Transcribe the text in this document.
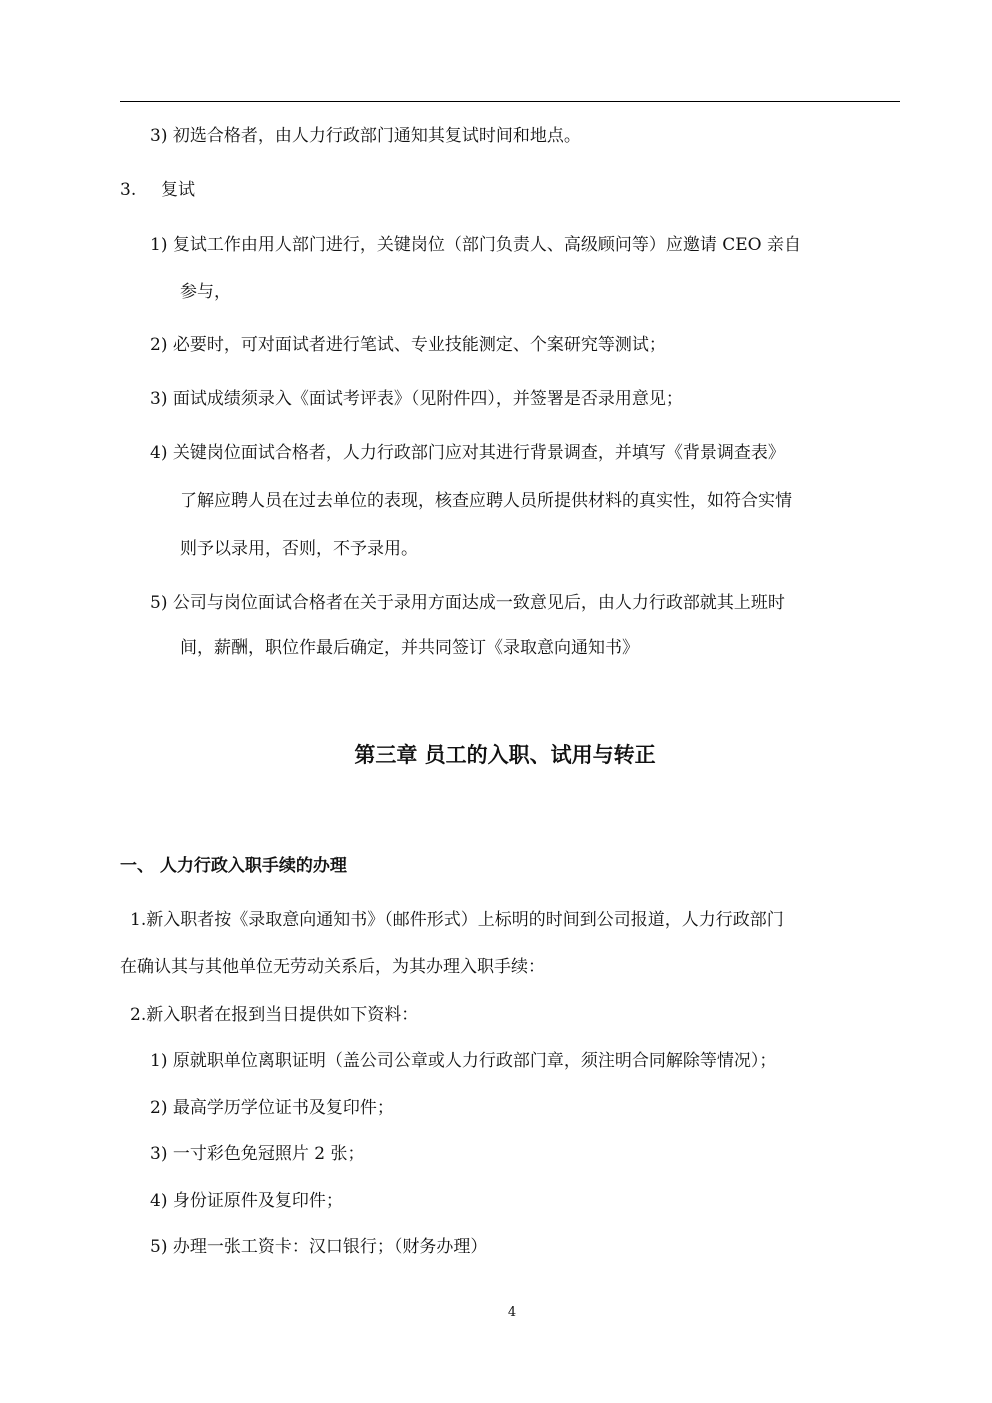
3) 初选合格者，由人力行政部门通知其复试时间和地点。
3. 复试
1) 复试工作由用人部门进行，关键岗位（部门负责人、高级顾问等）应邀请 CEO 亲自
参与，
2) 必要时，可对面试者进行笔试、专业技能测定、个案研究等测试；
3) 面试成绩须录入《面试考评表》（见附件四），并签署是否录用意见；
4) 关键岗位面试合格者，人力行政部门应对其进行背景调查，并填写《背景调查表》
了解应聘人员在过去单位的表现，核查应聘人员所提供材料的真实性，如符合实情
则予以录用，否则，不予录用。
5) 公司与岗位面试合格者在关于录用方面达成一致意见后，由人力行政部就其上班时
间，薪酬，职位作最后确定，并共同签订《录取意向通知书》
第三章 员工的入职、试用与转正
一、 人力行政入职手续的办理
1.新入职者按《录取意向通知书》（邮件形式）上标明的时间到公司报道，人力行政部门
在确认其与其他单位无劳动关系后，为其办理入职手续：
2.新入职者在报到当日提供如下资料：
1) 原就职单位离职证明（盖公司公章或人力行政部门章，须注明合同解除等情况）；
2) 最高学历学位证书及复印件；
3) 一寸彩色免冠照片 2 张；
4) 身份证原件及复印件；
5) 办理一张工资卡：汉口银行；（财务办理）
4
